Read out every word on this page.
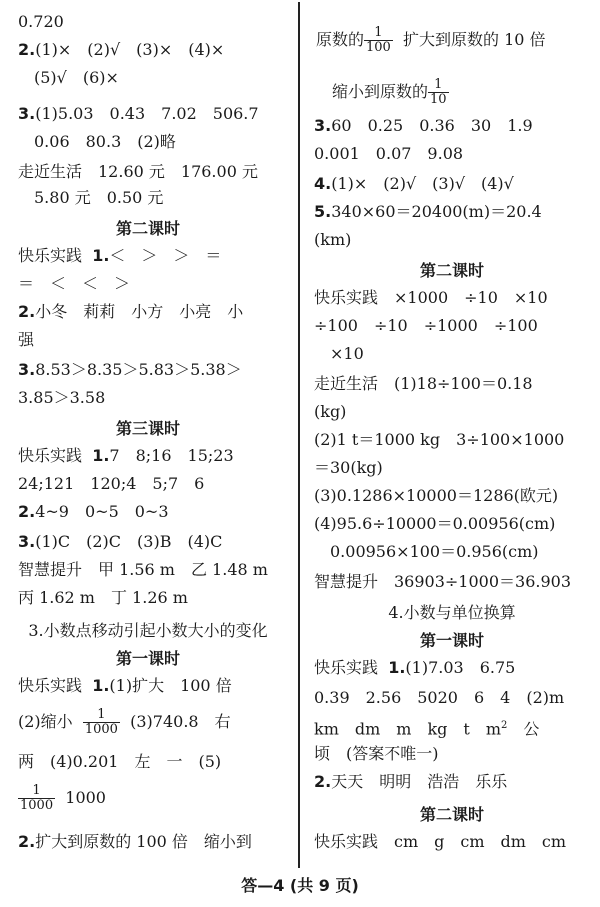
0.720
2.(1)×　(2)√　(3)×　(4)×
(5)√　(6)×
3.(1)5.03　0.43　7.02　506.7
0.06　80.3　(2)略
走近生活　12.60 元　176.00 元
5.80 元　0.50 元
第二课时
快乐实践 1.＜　＞　＞　＝
＝　＜　＜　＞
2.小冬　莉莉　小方　小亮　小
强
3.8.53＞8.35＞5.83＞5.38＞
3.85＞3.58
第三课时
快乐实践 1.7　8;16　15;23
24;121　120;4　5;7　6
2.4~9　0~5　0~3
3.(1)C　(2)C　(3)B　(4)C
智慧提升　甲 1.56 m　乙 1.48 m
丙 1.62 m　丁 1.26 m
3.小数点移动引起小数大小的变化
第一课时
快乐实践 1.(1)扩大　100 倍
(2)缩小 $\frac{1}{1000} (3)740.8$　右
两　(4)0.201　左　一　(5)
$\frac{1}{1000} 1000$
2.扩大到原数的 100 倍　缩小到
原数的 $\frac{1}{100}$ 扩大到原数的 10 倍
缩小到原数的 $\frac{1}{10}$
3.60　0.25　0.36　30　1.9
0.001　0.07　9.08
4.(1)×　(2)√　(3)√　(4)√
5.340×60＝20400(m)＝20.4
(km)
第二课时
快乐实践　×1000　÷10　×10
÷100　÷10　÷1000　÷100
×10
走近生活　(1)18÷100＝0.18
(kg)
(2)1 t＝1000 kg　3÷100×1000
＝30(kg)
(3)0.1286×10000＝1286(欧元)
(4)95.6÷10000＝0.00956(cm)
0.00956×100＝0.956(cm)
智慧提升　36903÷1000＝36.903
4.小数与单位换算
第一课时
快乐实践 1.(1)7.03　6.75
0.39　2.56　5020　6　4　(2)m
km　dm　m　kg　t　$m^2$　公
顷　(答案不唯一)
2.天天　明明　浩浩　乐乐
第二课时
快乐实践　cm　g　cm　dm　cm
答—4 (共 9 页)
